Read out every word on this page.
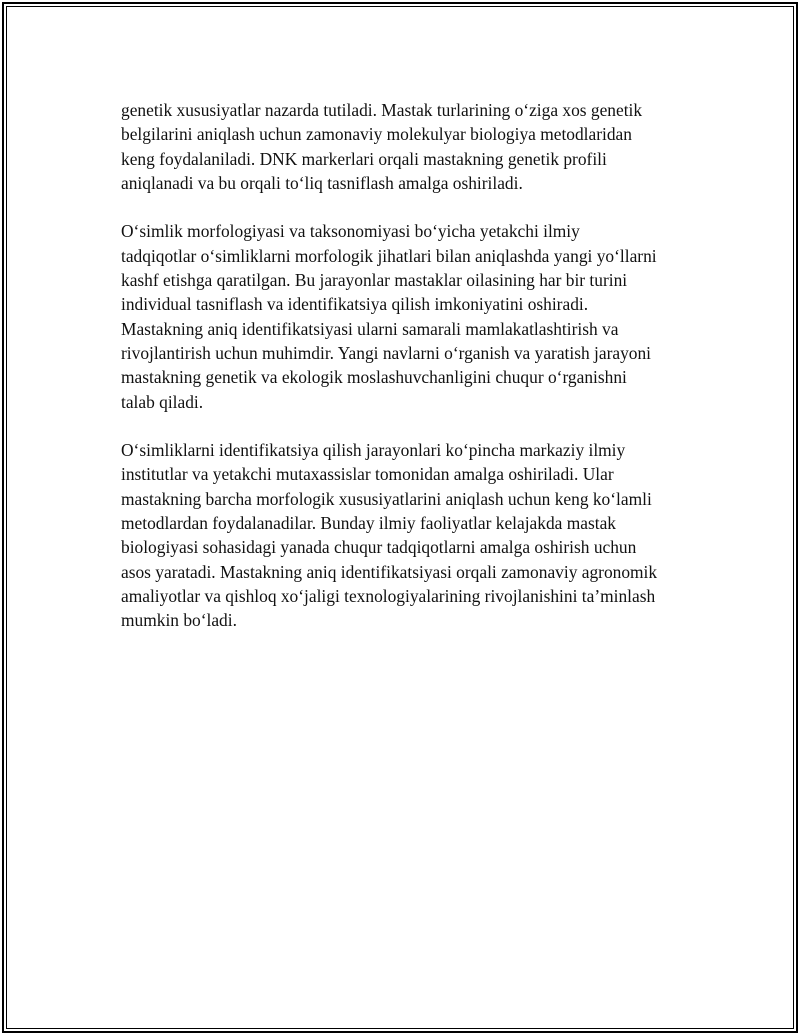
genetik xususiyatlar nazarda tutiladi. Mastak turlarining o‘ziga xos genetik
belgilarini aniqlash uchun zamonaviy molekulyar biologiya metodlaridan
keng foydalaniladi. DNK markerlari orqali mastakning genetik profili
aniqlanadi va bu orqali to‘liq tasniflash amalga oshiriladi.

O‘simlik morfologiyasi va taksonomiyasi bo‘yicha yetakchi ilmiy
tadqiqotlar o‘simliklarni morfologik jihatlari bilan aniqlashda yangi yo‘llarni
kashf etishga qaratilgan. Bu jarayonlar mastaklar oilasining har bir turini
individual tasniflash va identifikatsiya qilish imkoniyatini oshiradi.
Mastakning aniq identifikatsiyasi ularni samarali mamlakatlashtirish va
rivojlantirish uchun muhimdir. Yangi navlarni o‘rganish va yaratish jarayoni
mastakning genetik va ekologik moslashuvchanligini chuqur o‘rganishni
talab qiladi.

O‘simliklarni identifikatsiya qilish jarayonlari ko‘pincha markaziy ilmiy
institutlar va yetakchi mutaxassislar tomonidan amalga oshiriladi. Ular
mastakning barcha morfologik xususiyatlarini aniqlash uchun keng ko‘lamli
metodlardan foydalanadilar. Bunday ilmiy faoliyatlar kelajakda mastak
biologiyasi sohasidagi yanada chuqur tadqiqotlarni amalga oshirish uchun
asos yaratadi. Mastakning aniq identifikatsiyasi orqali zamonaviy agronomik
amaliyotlar va qishloq xo‘jaligi texnologiyalarining rivojlanishini ta’minlash
mumkin bo‘ladi.
